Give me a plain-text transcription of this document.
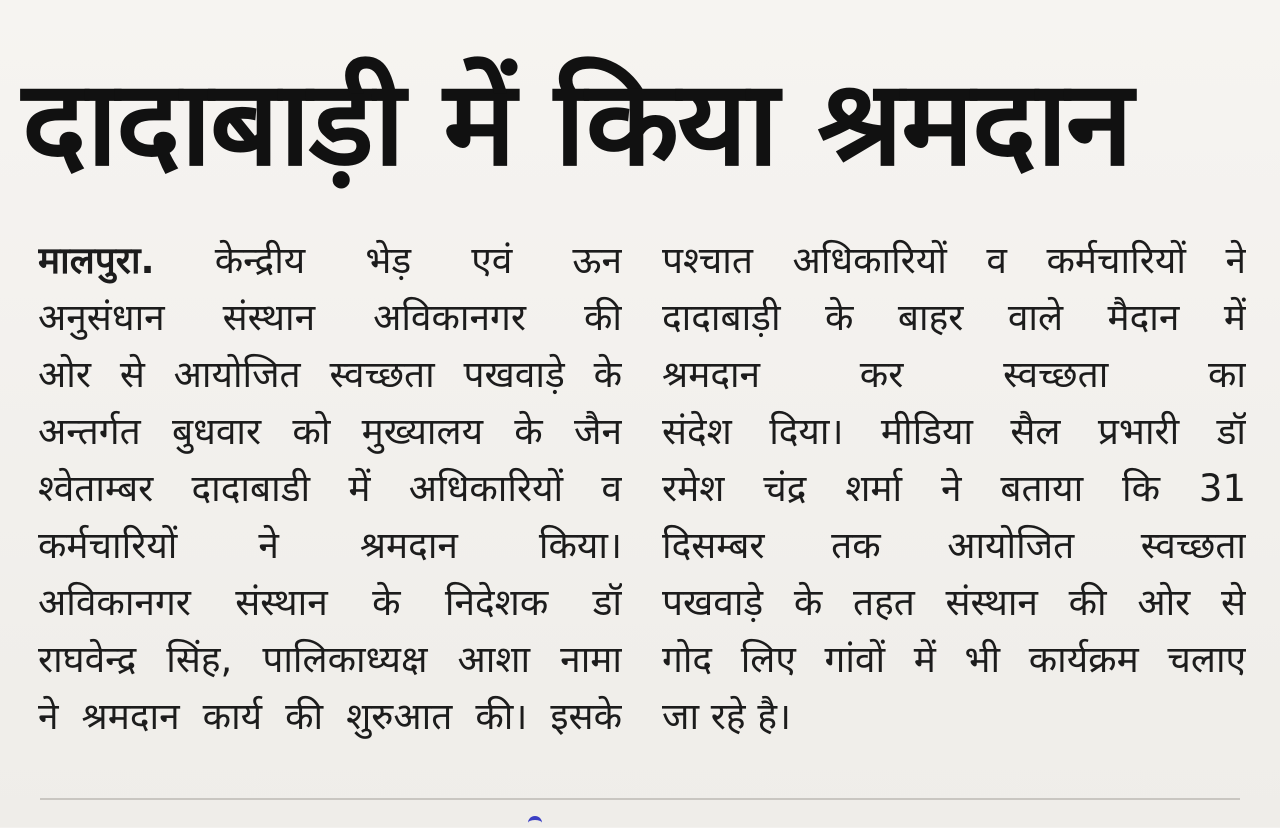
दादाबाड़ी में किया श्रमदान
मालपुरा. केन्द्रीय भेड़ एवं ऊन
अनुसंधान संस्थान अविकानगर की
ओर से आयोजित स्वच्छता पखवाड़े के
अन्तर्गत बुधवार को मुख्यालय के जैन
श्वेताम्बर दादाबाडी में अधिकारियों व
कर्मचारियों ने श्रमदान किया।
अविकानगर संस्थान के निदेशक डॉ
राघवेन्द्र सिंह, पालिकाध्यक्ष आशा नामा
ने श्रमदान कार्य की शुरुआत की। इसके
पश्चात अधिकारियों व कर्मचारियों ने
दादाबाड़ी के बाहर वाले मैदान में
श्रमदान कर स्वच्छता का
संदेश दिया। मीडिया सैल प्रभारी डॉ
रमेश चंद्र शर्मा ने बताया कि 31
दिसम्बर तक आयोजित स्वच्छता
पखवाड़े के तहत संस्थान की ओर से
गोद लिए गांवों में भी कार्यक्रम चलाए
जा रहे है।
